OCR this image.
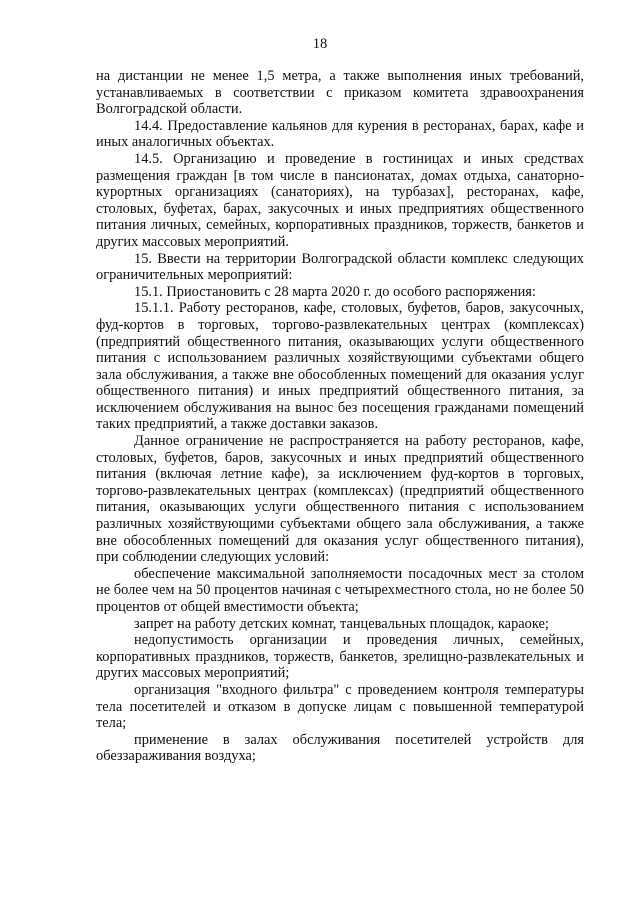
18

на дистанции не менее 1,5 метра, а также выполнения иных требований, устанавливаемых в соответствии с приказом комитета здравоохранения Волгоградской области.

14.4. Предоставление кальянов для курения в ресторанах, барах, кафе и иных аналогичных объектах.

14.5. Организацию и проведение в гостиницах и иных средствах размещения граждан [в том числе в пансионатах, домах отдыха, санаторно-курортных организациях (санаториях), на турбазах], ресторанах, кафе, столовых, буфетах, барах, закусочных и иных предприятиях общественного питания личных, семейных, корпоративных праздников, торжеств, банкетов и других массовых мероприятий.

15. Ввести на территории Волгоградской области комплекс следующих ограничительных мероприятий:

15.1. Приостановить с 28 марта 2020 г. до особого распоряжения:

15.1.1. Работу ресторанов, кафе, столовых, буфетов, баров, закусочных, фуд-кортов в торговых, торгово-развлекательных центрах (комплексах) (предприятий общественного питания, оказывающих услуги общественного питания с использованием различных хозяйствующими субъектами общего зала обслуживания, а также вне обособленных помещений для оказания услуг общественного питания) и иных предприятий общественного питания, за исключением обслуживания на вынос без посещения гражданами помещений таких предприятий, а также доставки заказов.

Данное ограничение не распространяется на работу ресторанов, кафе, столовых, буфетов, баров, закусочных и иных предприятий общественного питания (включая летние кафе), за исключением фуд-кортов в торговых, торгово-развлекательных центрах (комплексах) (предприятий общественного питания, оказывающих услуги общественного питания с использованием различных хозяйствующими субъектами общего зала обслуживания, а также вне обособленных помещений для оказания услуг общественного питания), при соблюдении следующих условий:

обеспечение максимальной заполняемости посадочных мест за столом не более чем на 50 процентов начиная с четырехместного стола, но не более 50 процентов от общей вместимости объекта;

запрет на работу детских комнат, танцевальных площадок, караоке;

недопустимость организации и проведения личных, семейных, корпоративных праздников, торжеств, банкетов, зрелищно-развлекательных и других массовых мероприятий;

организация "входного фильтра" с проведением контроля температуры тела посетителей и отказом в допуске лицам с повышенной температурой тела;

применение в залах обслуживания посетителей устройств для обеззараживания воздуха;
